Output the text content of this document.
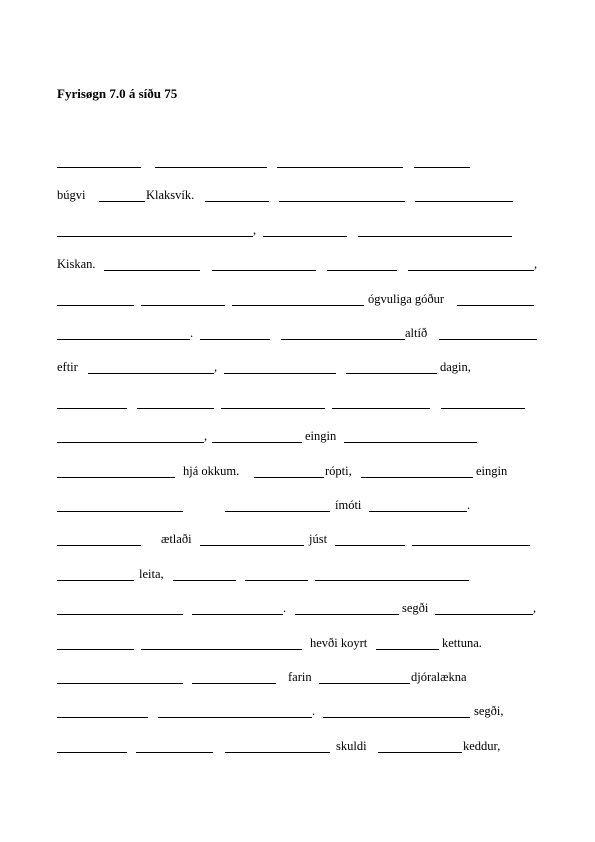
Fyrisøgn 7.0 á síðu 75
búgvi	Klaksvík.
,
Kiskan.	,
ógvuliga góður
.	altíð
eftir	,	dagin,
,	eingin
hjá okkum.	rópti,	eingin
ímóti	.
ætlaði	júst
leita,
.	segði	,
hevði koyrt	kettuna.
farin	djóralækna
.	segði,
skuldi	keddur,
